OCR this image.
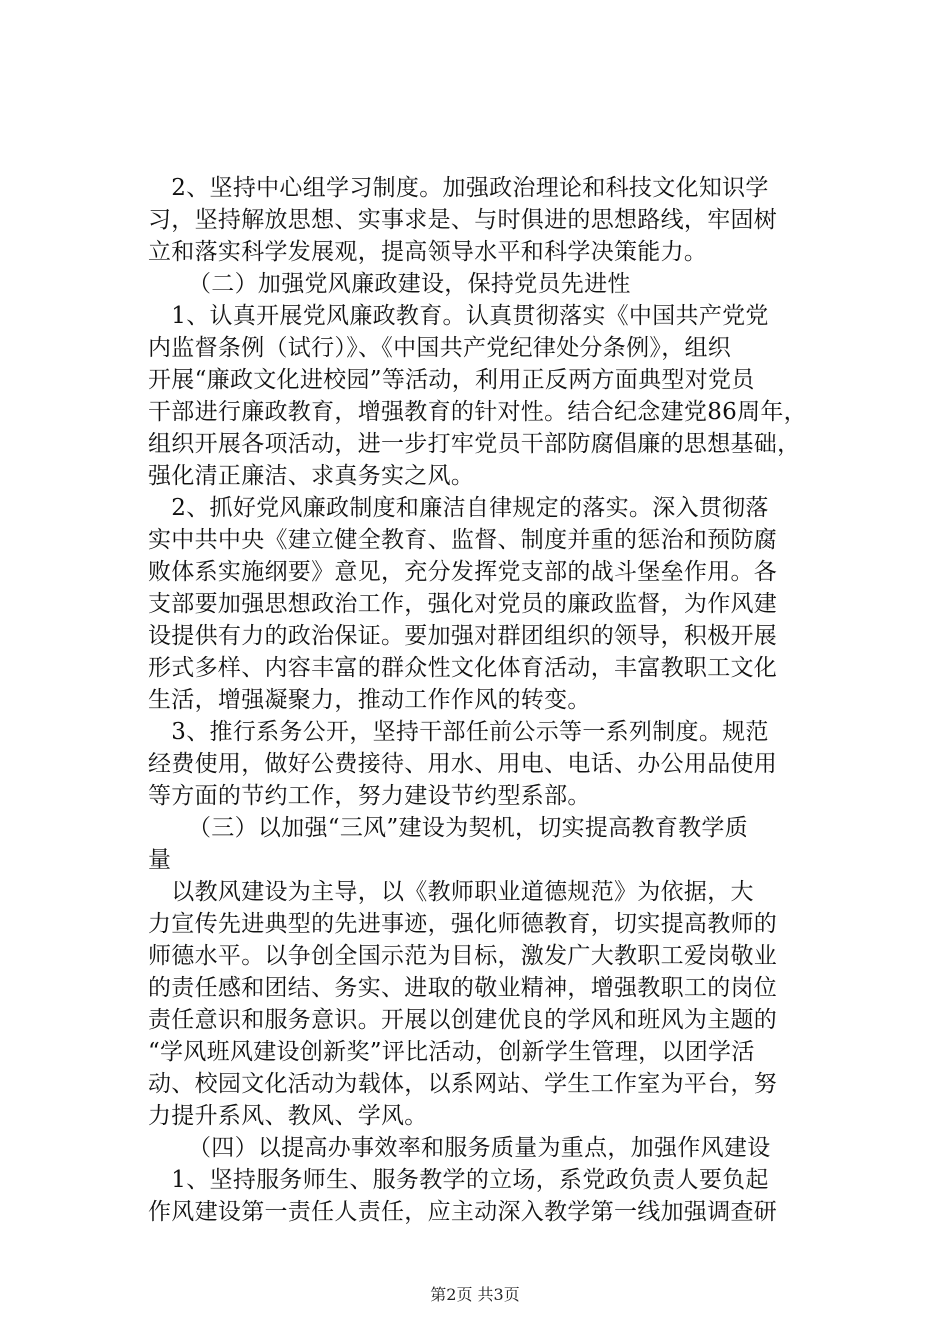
　2、坚持中心组学习制度。加强政治理论和科技文化知识学
习，坚持解放思想、实事求是、与时俱进的思想路线，牢固树
立和落实科学发展观，提高领导水平和科学决策能力。
（二）加强党风廉政建设，保持党员先进性
　1、认真开展党风廉政教育。认真贯彻落实《中国共产党党
内监督条例（试行）》、《中国共产党纪律处分条例》，组织
开展“廉政文化进校园”等活动，利用正反两方面典型对党员
干部进行廉政教育，增强教育的针对性。结合纪念建党86周年，
组织开展各项活动，进一步打牢党员干部防腐倡廉的思想基础，
强化清正廉洁、求真务实之风。
　2、抓好党风廉政制度和廉洁自律规定的落实。深入贯彻落
实中共中央《建立健全教育、监督、制度并重的惩治和预防腐
败体系实施纲要》意见，充分发挥党支部的战斗堡垒作用。各
支部要加强思想政治工作，强化对党员的廉政监督，为作风建
设提供有力的政治保证。要加强对群团组织的领导，积极开展
形式多样、内容丰富的群众性文化体育活动，丰富教职工文化
生活，增强凝聚力，推动工作作风的转变。
　3、推行系务公开，坚持干部任前公示等一系列制度。规范
经费使用，做好公费接待、用水、用电、电话、办公用品使用
等方面的节约工作，努力建设节约型系部。
（三）以加强“三风”建设为契机，切实提高教育教学质
量
　以教风建设为主导，以《教师职业道德规范》为依据，大
力宣传先进典型的先进事迹，强化师德教育，切实提高教师的
师德水平。以争创全国示范为目标，激发广大教职工爱岗敬业
的责任感和团结、务实、进取的敬业精神，增强教职工的岗位
责任意识和服务意识。开展以创建优良的学风和班风为主题的
“学风班风建设创新奖”评比活动，创新学生管理，以团学活
动、校园文化活动为载体，以系网站、学生工作室为平台，努
力提升系风、教风、学风。
（四）以提高办事效率和服务质量为重点，加强作风建设
　1、坚持服务师生、服务教学的立场，系党政负责人要负起
作风建设第一责任人责任，应主动深入教学第一线加强调查研
第2页 共3页
